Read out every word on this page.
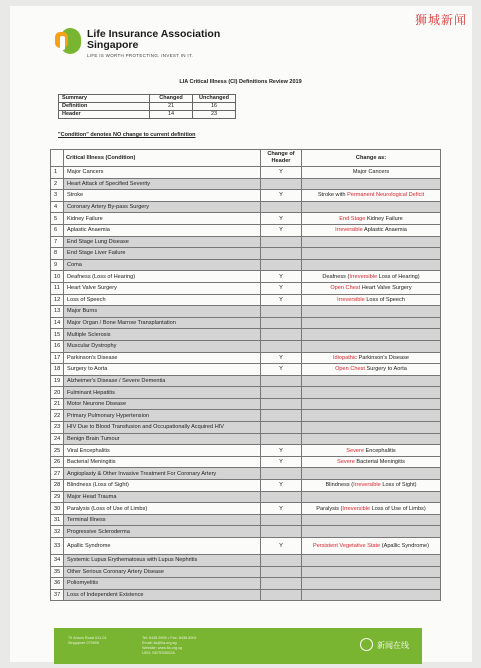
狮城新闻
Life Insurance Association
Singapore
LIFE IS WORTH PROTECTING. INVEST IN IT.
LIA Critical Illness (CI) Definitions Review 2019
Summary	Changed	Unchanged
Definition	21	16
Header	14	23
"Condition" denotes NO change to current definition
	Critical Illness (Condition)	Change of Header	Change as:
1	Major Cancers	Y	Major Cancers
2	Heart Attack of Specified Severity		
3	Stroke	Y	Stroke with Permanent Neurological Deficit
4	Coronary Artery By-pass Surgery		
5	Kidney Failure	Y	End Stage Kidney Failure
6	Aplastic Anaemia	Y	Irreversible Aplastic Anaemia
7	End Stage Lung Disease		
8	End Stage Liver Failure		
9	Coma		
10	Deafness (Loss of Hearing)	Y	Deafness (Irreversible Loss of Hearing)
11	Heart Valve Surgery	Y	Open Chest Heart Valve Surgery
12	Loss of Speech	Y	Irreversible Loss of Speech
13	Major Burns		
14	Major Organ / Bone Marrow Transplantation		
15	Multiple Sclerosis		
16	Muscular Dystrophy		
17	Parkinson's Disease	Y	Idiopathic Parkinson's Disease
18	Surgery to Aorta	Y	Open Chest Surgery to Aorta
19	Alzheimer's Disease / Severe Dementia		
20	Fulminant Hepatitis		
21	Motor Neurone Disease		
22	Primary Pulmonary Hypertension		
23	HIV Due to Blood Transfusion and Occupationally Acquired HIV		
24	Benign Brain Tumour		
25	Viral Encephalitis	Y	Severe Encephalitis
26	Bacterial Meningitis	Y	Severe Bacterial Meningitis
27	Angioplasty & Other Invasive Treatment For Coronary Artery		
28	Blindness (Loss of Sight)	Y	Blindness (Irreversible Loss of Sight)
29	Major Head Trauma		
30	Paralysis (Loss of Use of Limbs)	Y	Paralysis (Irreversible Loss of Use of Limbs)
31	Terminal Illness		
32	Progressive Scleroderma		
33	Apallic Syndrome	Y	Persistent Vegetative State (Apallic Syndrome)
34	Systemic Lupus Erythematosus with Lupus Nephritis		
35	Other Serious Coronary Artery Disease		
36	Poliomyelitis		
37	Loss of Independent Existence		
79 Anson Road #11-01
Singapore 079906
Tel: 6438 8900 • Fax: 6438 8901
Email: lia@lia.org.sg
Website: www.lia.org.sg
UEN: S67SS0002A
新闻在线
